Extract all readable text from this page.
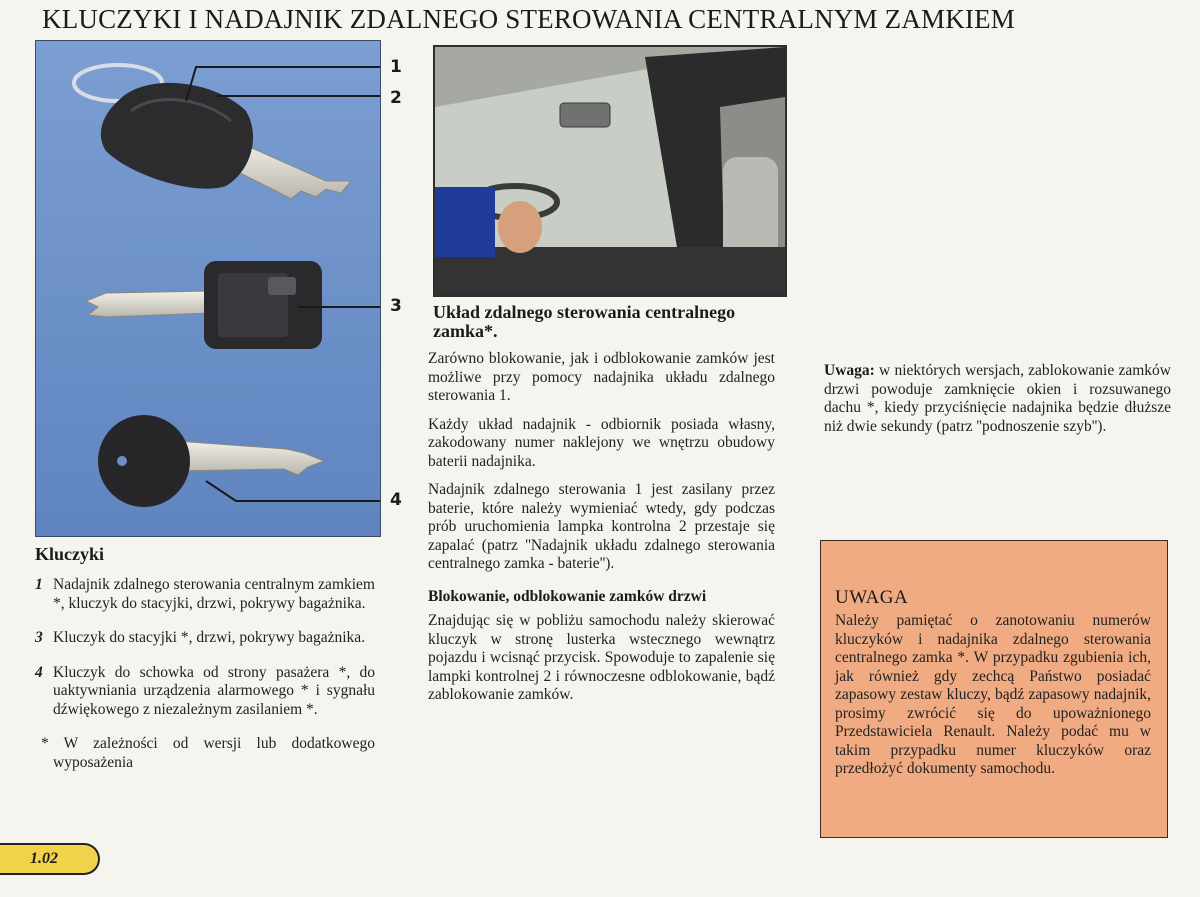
KLUCZYKI I NADAJNIK ZDALNEGO STEROWANIA CENTRALNYM ZAMKIEM
1
2
3
4
Kluczyki
1 Nadajnik zdalnego sterowania centralnym zamkiem *, kluczyk do stacyjki, drzwi, pokrywy bagażnika.
3 Kluczyk do stacyjki *, drzwi, pokrywy bagażnika.
4 Kluczyk do schowka od strony pasażera *, do uaktywniania urządzenia alarmowego * i sygnału dźwiękowego z niezależnym zasilaniem *.
* W zależności od wersji lub dodatkowego wyposażenia
Układ zdalnego sterowania centralnego zamka*.

Zarówno blokowanie, jak i odblokowanie zamków jest możliwe przy pomocy nadajnika układu zdalnego sterowania 1.

Każdy układ nadajnik - odbiornik posiada własny, zakodowany numer naklejony we wnętrzu obudowy baterii nadajnika.

Nadajnik zdalnego sterowania 1 jest zasilany przez baterie, które należy wymieniać wtedy, gdy podczas prób uruchomienia lampka kontrolna 2 przestaje się zapalać (patrz ''Nadajnik układu zdalnego sterowania centralnego zamka - baterie'').

Blokowanie, odblokowanie zamków drzwi

Znajdując się w pobliżu samochodu należy skierować kluczyk w stronę lusterka wstecznego wewnątrz pojazdu i wcisnąć przycisk. Spowoduje to zapalenie się lampki kontrolnej 2 i równoczesne odblokowanie, bądź zablokowanie zamków.

Uwaga: w niektórych wersjach, zablokowanie zamków drzwi powoduje zamknięcie okien i rozsuwanego dachu *, kiedy przyciśnięcie nadajnika będzie dłuższe niż dwie sekundy (patrz ''podnoszenie szyb'').
UWAGA
Należy pamiętać o zanotowaniu numerów kluczyków i nadajnika zdalnego sterowania centralnego zamka *. W przypadku zgubienia ich, jak również gdy zechcą Państwo posiadać zapasowy zestaw kluczy, bądź zapasowy nadajnik, prosimy zwrócić się do upoważnionego Przedstawiciela Renault. Należy podać mu w takim przypadku numer kluczyków oraz przedłożyć dokumenty samochodu.
1.02
